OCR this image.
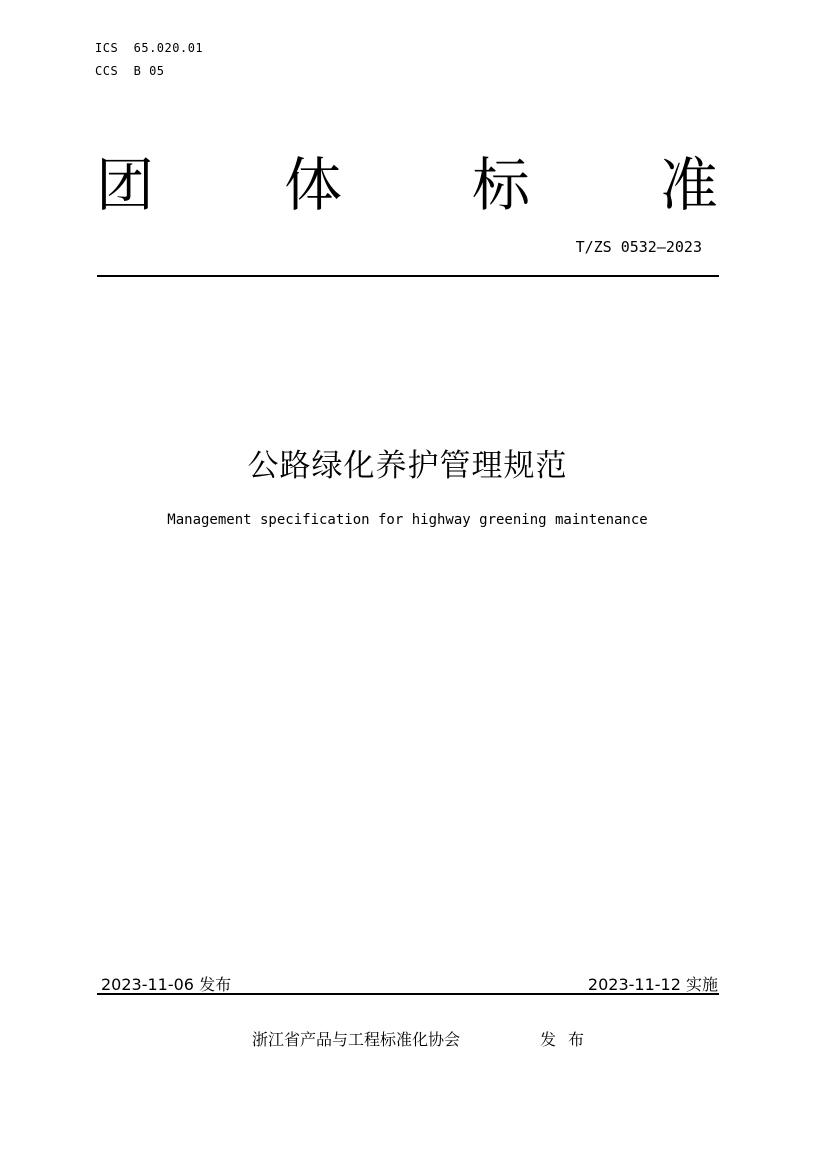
ICS  65.020.01
CCS  B 05
团 体 标 准
T/ZS 0532—2023
公路绿化养护管理规范
Management specification for highway greening maintenance
2023-11-06 发布	2023-11-12 实施
浙江省产品与工程标准化协会	发布
